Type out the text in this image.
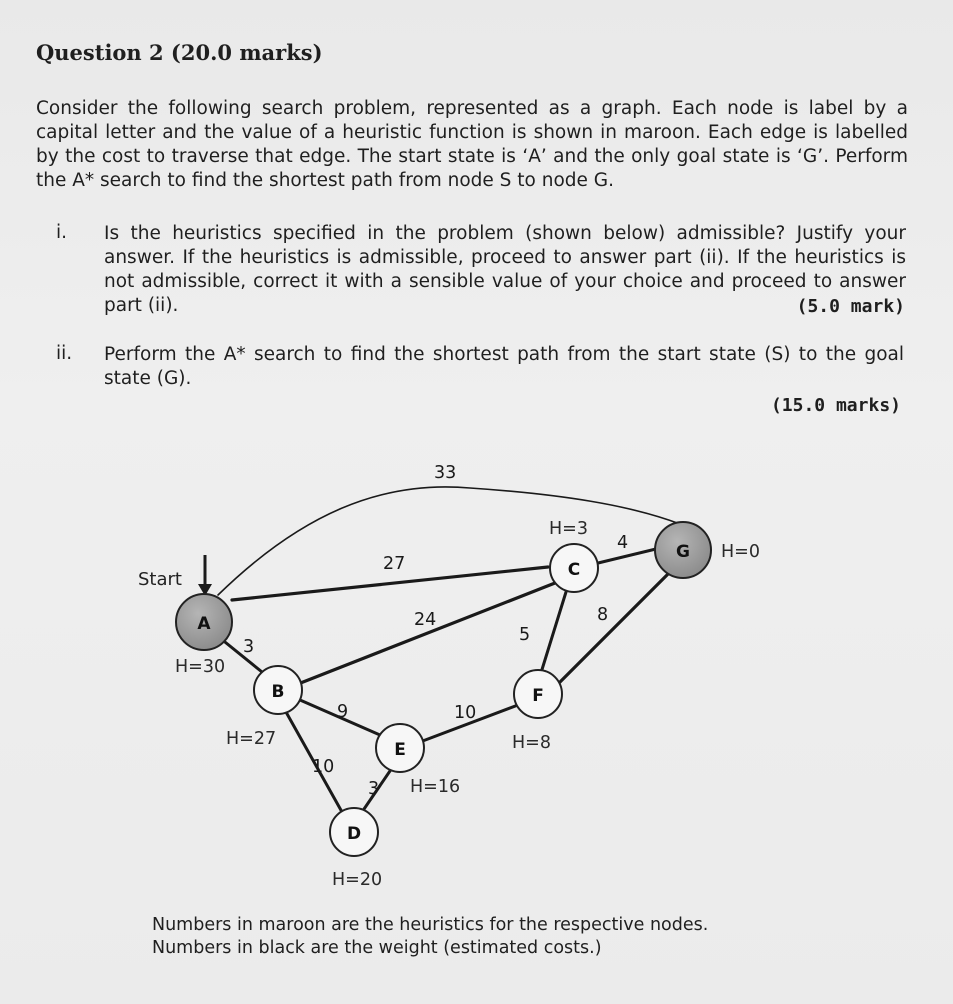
Question 2 (20.0 marks)
Consider the following search problem, represented as a graph. Each node is label by a capital letter and the value of a heuristic function is shown in maroon. Each edge is labelled by the cost to traverse that edge. The start state is ‘A’ and the only goal state is ‘G’. Perform the A* search to find the shortest path from node S to node G.
i. Is the heuristics specified in the problem (shown below) admissible? Justify your answer. If the heuristics is admissible, proceed to answer part (ii). If the heuristics is not admissible, correct it with a sensible value of your choice and proceed to answer part (ii).	(5.0 mark)
ii. Perform the A* search to find the shortest path from the start state (S) to the goal state (G).
(15.0 marks)
Start
A
B
C
D
E
F
G
H=30
H=27
H=3
H=20
H=16
H=8
H=0
33
27
3
24
9
10
3
10
5
4
8
Numbers in maroon are the heuristics for the respective nodes.
Numbers in black are the weight (estimated costs.)
